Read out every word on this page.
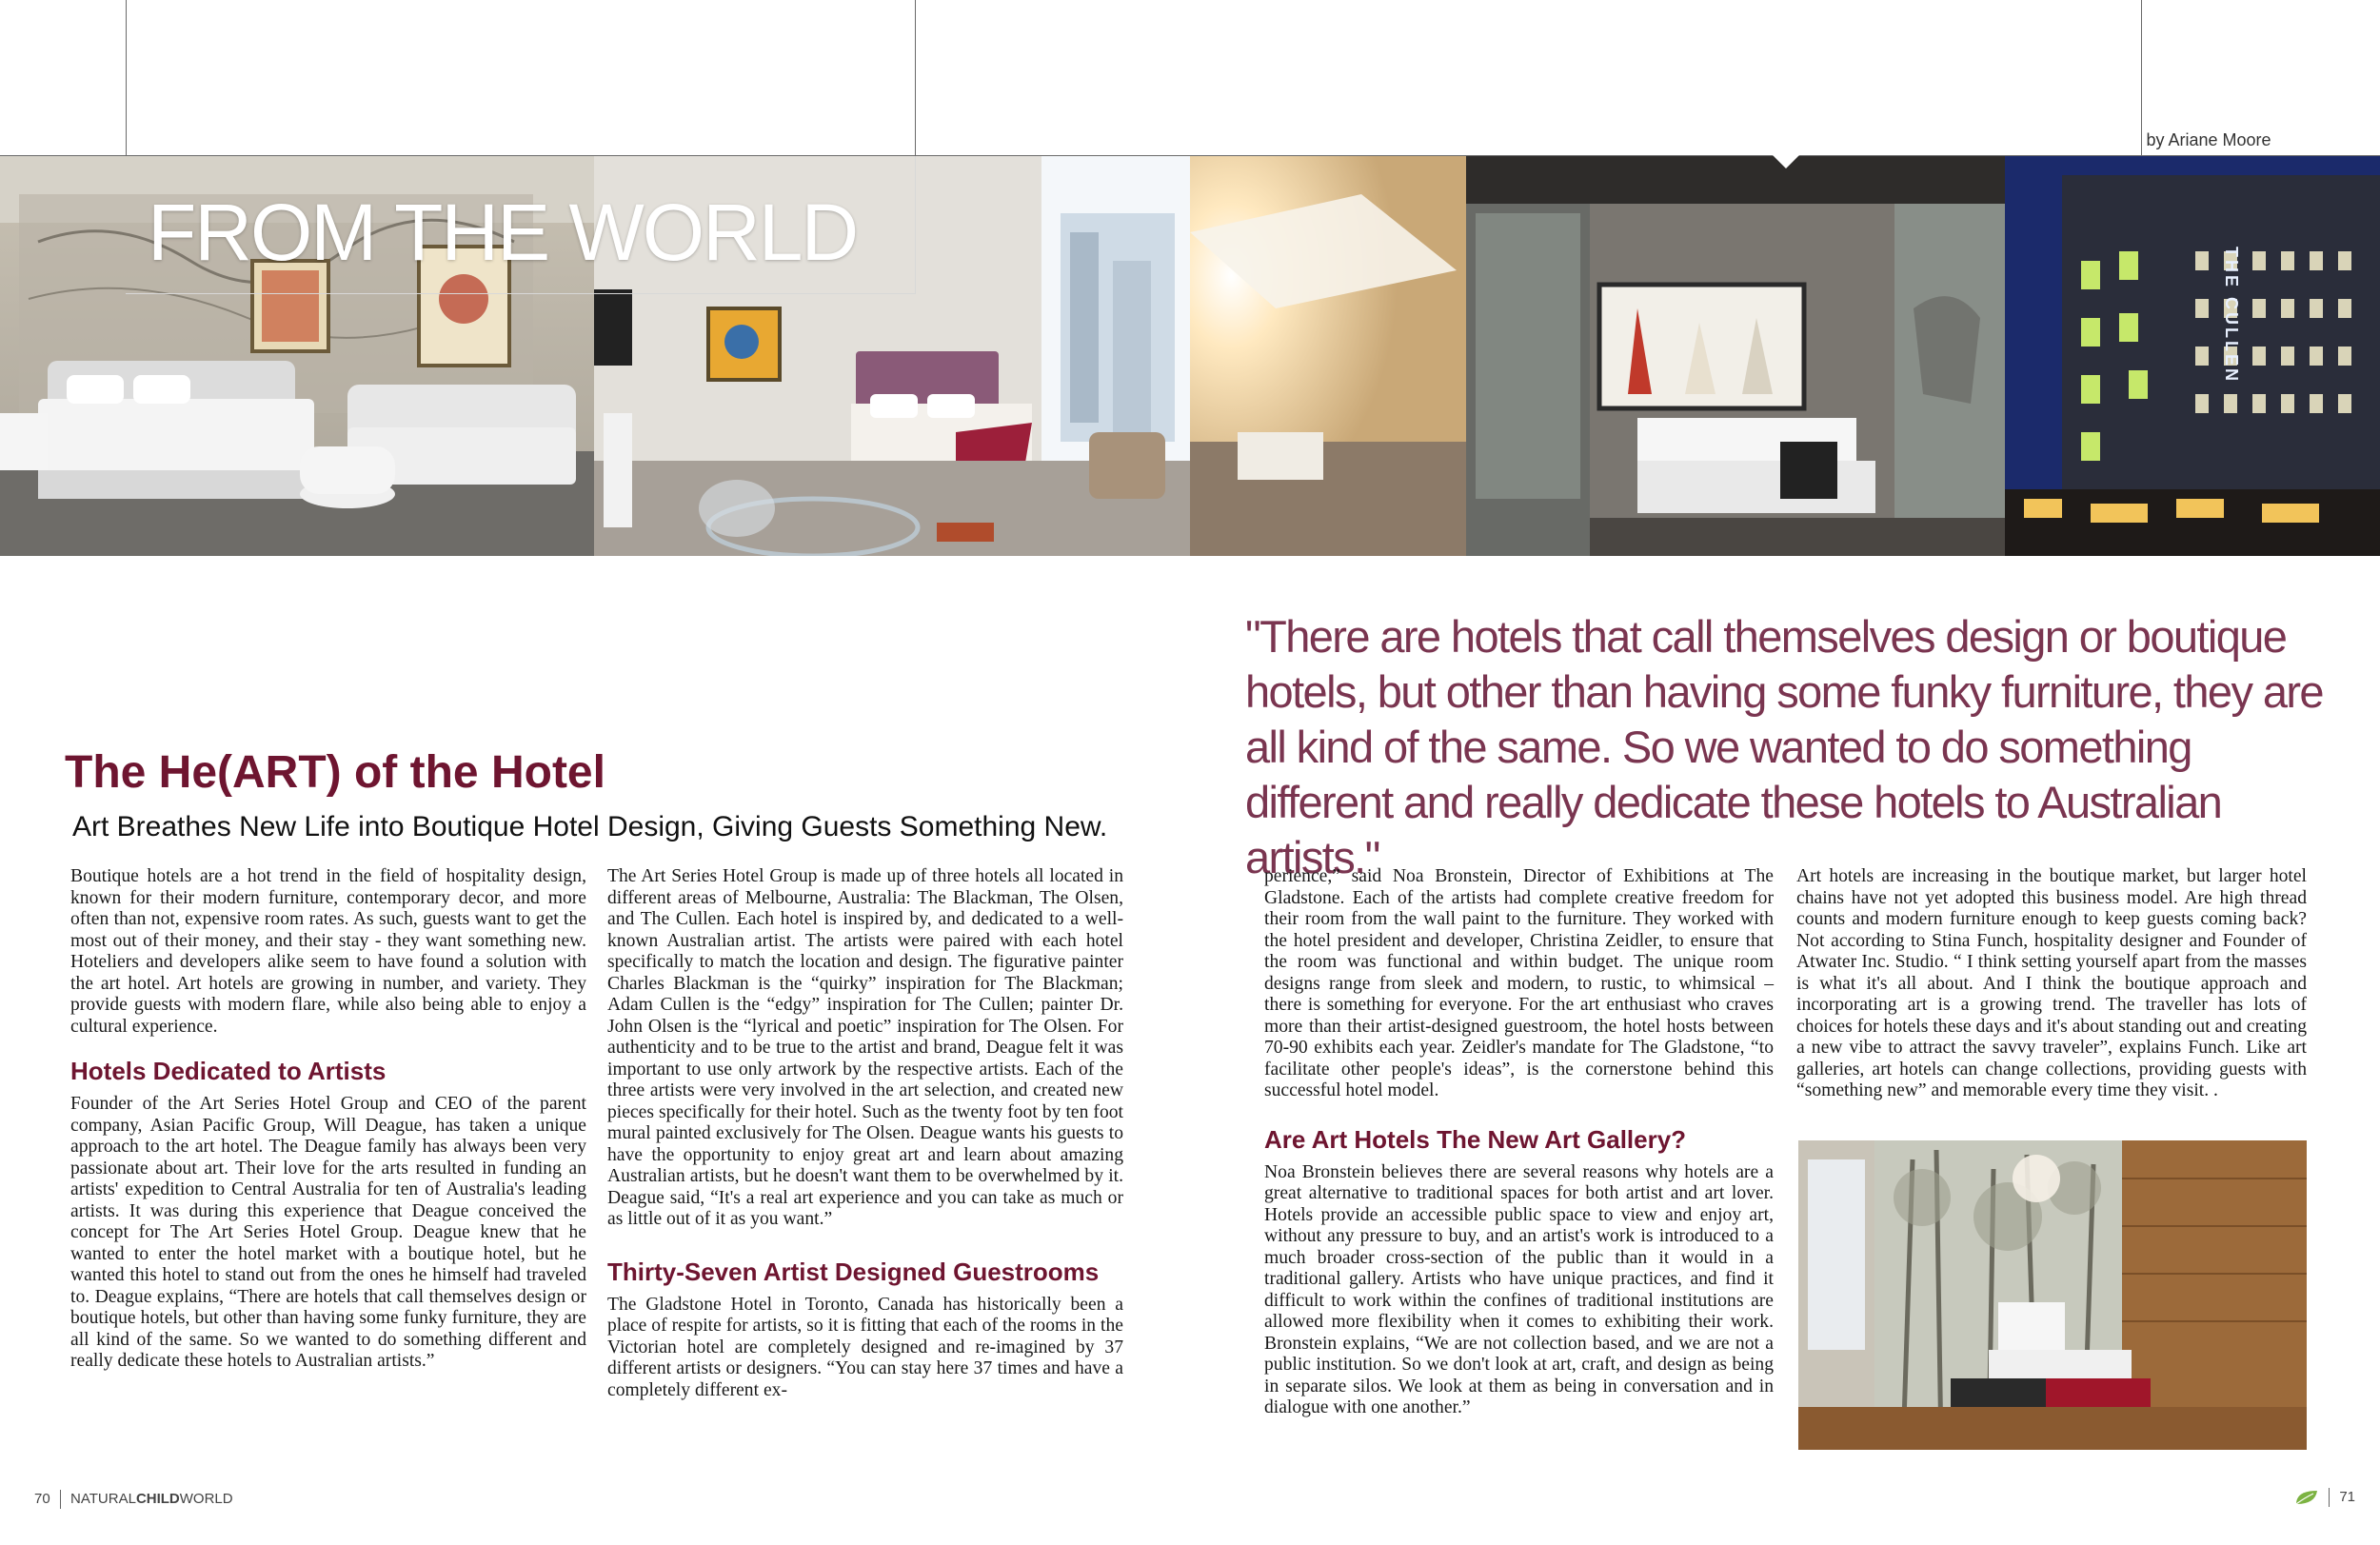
by Ariane Moore
THE CULLEN
FROM THE WORLD
"There are hotels that call themselves design or boutique hotels, but other than having some funky furniture, they are all kind of the same. So we wanted to do something different and really dedicate these hotels to Australian artists."
The He(ART) of the Hotel
Art Breathes New Life into Boutique Hotel Design, Giving Guests Something New.

Boutique hotels are a hot trend in the field of hospitality design, known for their modern furniture, contemporary decor, and more often than not, expensive room rates. As such, guests want to get the most out of their money, and their stay - they want something new. Hoteliers and developers alike seem to have found a solution with the art hotel. Art hotels are growing in number, and variety. They provide guests with modern flare, while also being able to enjoy a cultural experience.

Hotels Dedicated to Artists

Founder of the Art Series Hotel Group and CEO of the parent company, Asian Pacific Group, Will Deague, has taken a unique approach to the art hotel. The Deague family has always been very passionate about art. Their love for the arts resulted in funding an artists' expedition to Central Australia for ten of Australia's leading artists. It was during this experience that Deague conceived the concept for The Art Series Hotel Group. Deague knew that he wanted to enter the hotel market with a boutique hotel, but he wanted this hotel to stand out from the ones he himself had traveled to. Deague explains, “There are hotels that call themselves design or boutique hotels, but other than having some funky furniture, they are all kind of the same. So we wanted to do something different and really dedicate these hotels to Australian artists.”

The Art Series Hotel Group is made up of three hotels all located in different areas of Melbourne, Australia: The Blackman, The Olsen, and The Cullen. Each hotel is inspired by, and dedicated to a well-known Australian artist. The artists were paired with each hotel specifically to match the location and design. The figurative painter Charles Blackman is the “quirky” inspiration for The Blackman; Adam Cullen is the “edgy” inspiration for The Cullen; painter Dr. John Olsen is the “lyrical and poetic” inspiration for The Olsen. For authenticity and to be true to the artist and brand, Deague felt it was important to use only artwork by the respective artists. Each of the three artists were very involved in the art selection, and created new pieces specifically for their hotel. Such as the twenty foot by ten foot mural painted exclusively for The Olsen. Deague wants his guests to have the opportunity to enjoy great art and learn about amazing Australian artists, but he doesn't want them to be overwhelmed by it. Deague said, “It's a real art experience and you can take as much or as little out of it as you want.”

Thirty-Seven Artist Designed Guestrooms

The Gladstone Hotel in Toronto, Canada has historically been a place of respite for artists, so it is fitting that each of the rooms in the Victorian hotel are completely designed and re-imagined by 37 different artists or designers. “You can stay here 37 times and have a completely different ex-

perience,” said Noa Bronstein, Director of Exhibitions at The Gladstone. Each of the artists had complete creative freedom for their room from the wall paint to the furniture. They worked with the hotel president and developer, Christina Zeidler, to ensure that the room was functional and within budget. The unique room designs range from sleek and modern, to rustic, to whimsical – there is something for everyone. For the art enthusiast who craves more than their artist-designed guestroom, the hotel hosts between 70-90 exhibits each year. Zeidler's mandate for The Gladstone, “to facilitate other people's ideas”, is the cornerstone behind this successful hotel model.

Are Art Hotels The New Art Gallery?

Noa Bronstein believes there are several reasons why hotels are a great alternative to traditional spaces for both artist and art lover. Hotels provide an accessible public space to view and enjoy art, without any pressure to buy, and an artist's work is introduced to a much broader cross-section of the public than it would in a traditional gallery. Artists who have unique practices, and find it difficult to work within the confines of traditional institutions are allowed more flexibility when it comes to exhibiting their work. Bronstein explains, “We are not collection based, and we are not a public institution. So we don't look at art, craft, and design as being in separate silos. We look at them as being in conversation and in dialogue with one another.”

Art hotels are increasing in the boutique market, but larger hotel chains have not yet adopted this business model. Are high thread counts and modern furniture enough to keep guests coming back? Not according to Stina Funch, hospitality designer and Founder of Atwater Inc. Studio. “ I think setting yourself apart from the masses is what it's all about. And I think the boutique approach and incorporating art is a growing trend. The traveller has lots of choices for hotels these days and it's about standing out and creating a new vibe to attract the savvy traveler”, explains Funch. Like art galleries, art hotels can change collections, providing guests with “something new” and memorable every time they visit. .

70 NATURALCHILDWORLD	71
